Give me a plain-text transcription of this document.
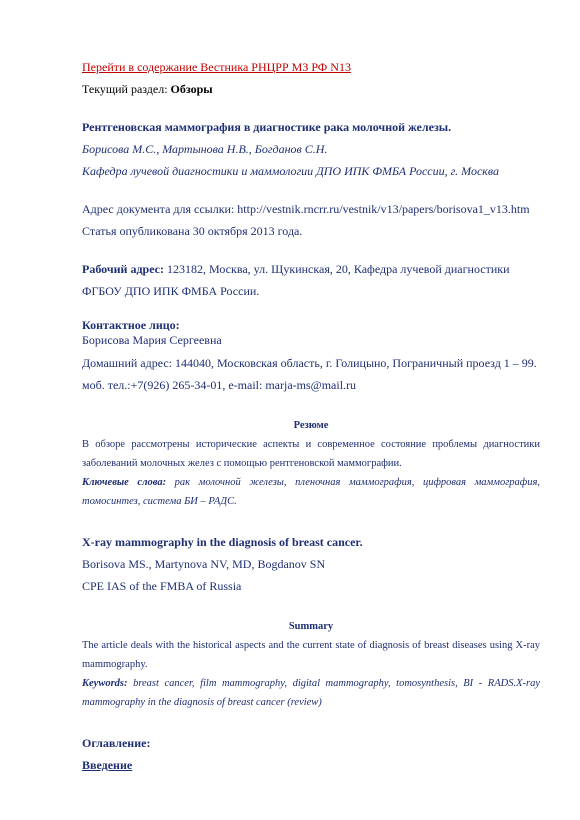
Перейти в содержание Вестника РНЦРР МЗ РФ N13
Текущий раздел: Обзоры
Рентгеновская маммография в диагностике рака молочной железы.
Борисова М.С., Мартынова Н.В., Богданов С.Н.
Кафедра лучевой диагностики и маммологии ДПО ИПК ФМБА России, г. Москва
Адрес документа для ссылки: http://vestnik.rncrr.ru/vestnik/v13/papers/borisova1_v13.htm
Статья опубликована 30 октября 2013 года.
Рабочий адрес: 123182, Москва, ул. Щукинская, 20, Кафедра лучевой диагностики
ФГБОУ ДПО ИПК ФМБА России.
Контактное лицо:
Борисова Мария Сергеевна
Домашний адрес: 144040, Московская область, г. Голицыно, Пограничный проезд 1 – 99.
моб. тел.:+7(926) 265-34-01, e-mail: marja-ms@mail.ru
Резюме
В обзоре рассмотрены исторические аспекты и современное состояние проблемы диагностики заболеваний молочных желез с помощью рентгеновской маммографии.
Ключевые слова: рак молочной железы, пленочная маммография, цифровая маммография, томосинтез, система БИ – РАДС.
X-ray mammography in the diagnosis of breast cancer.
Borisova MS., Martynova NV, MD, Bogdanov SN
CPE IAS of the FMBA of Russia
Summary
The article deals with the historical aspects and the current state of diagnosis of breast diseases using X-ray mammography.
Keywords: breast cancer, film mammography, digital mammography, tomosynthesis, BI - RADS.X-ray mammography in the diagnosis of breast cancer (review)
Оглавление:
Введение
